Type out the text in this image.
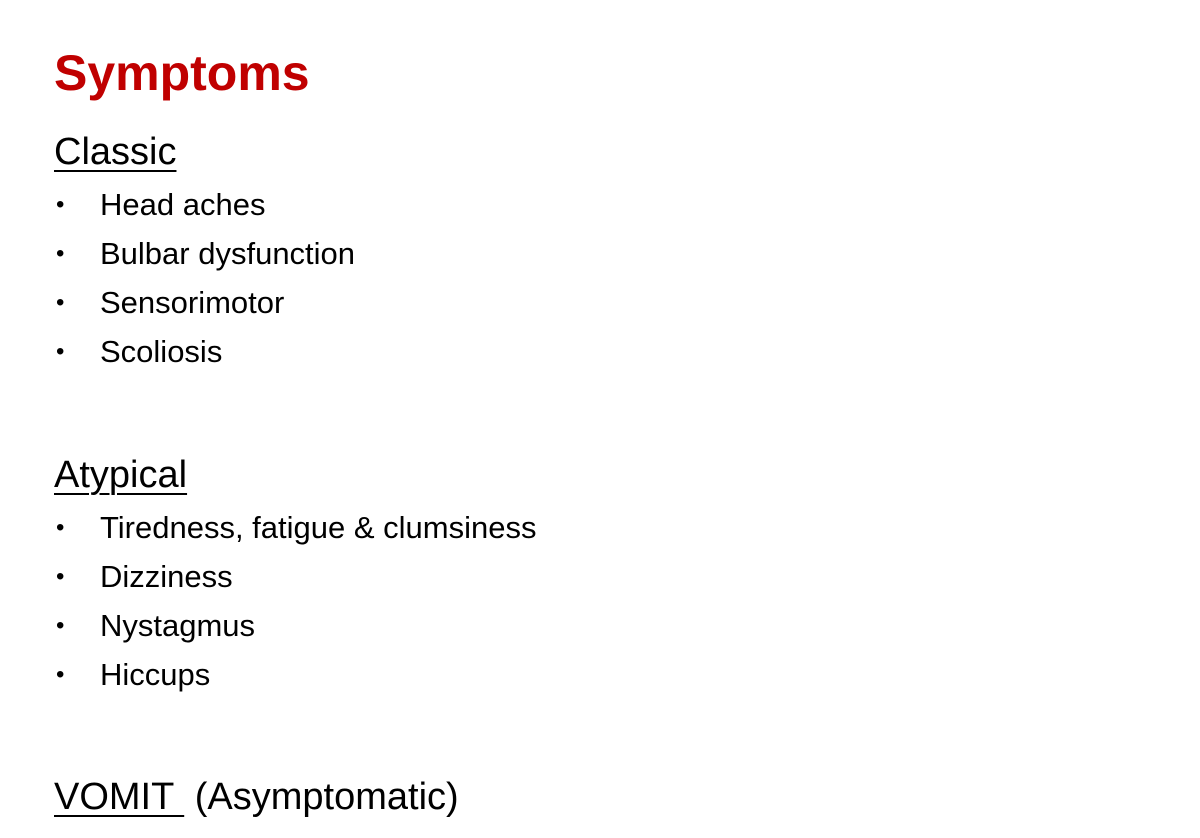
Symptoms
Classic
• Head aches
• Bulbar dysfunction
• Sensorimotor
• Scoliosis
Atypical
• Tiredness, fatigue & clumsiness
• Dizziness
• Nystagmus
• Hiccups
VOMIT  (Asymptomatic)
